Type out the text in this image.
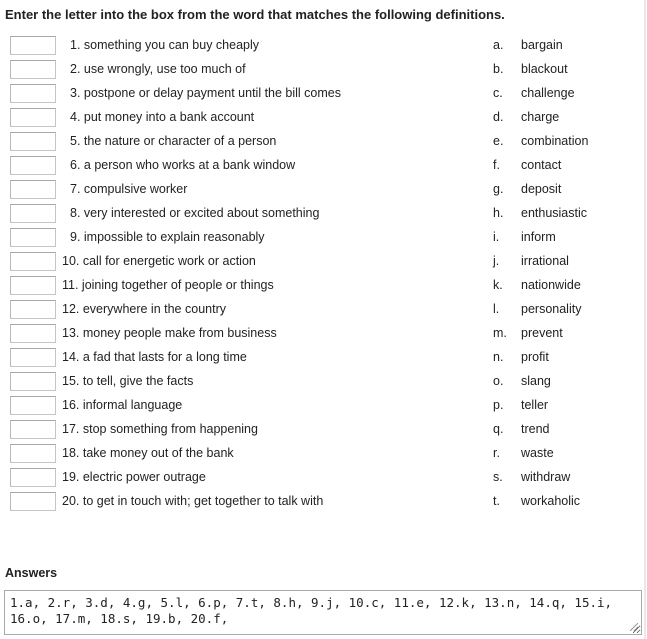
Enter the letter into the box from the word that matches the following definitions.
1. something you can buy cheaply	a.	bargain
2. use wrongly, use too much of	b.	blackout
3. postpone or delay payment until the bill comes	c.	challenge
4. put money into a bank account	d.	charge
5. the nature or character of a person	e.	combination
6. a person who works at a bank window	f.	contact
7. compulsive worker	g.	deposit
8. very interested or excited about something	h.	enthusiastic
9. impossible to explain reasonably	i.	inform
10. call for energetic work or action	j.	irrational
11. joining together of people or things	k.	nationwide
12. everywhere in the country	l.	personality
13. money people make from business	m.	prevent
14. a fad that lasts for a long time	n.	profit
15. to tell, give the facts	o.	slang
16. informal language	p.	teller
17. stop something from happening	q.	trend
18. take money out of the bank	r.	waste
19. electric power outrage	s.	withdraw
20. to get in touch with; get together to talk with	t.	workaholic
Answers
1.a, 2.r, 3.d, 4.g, 5.l, 6.p, 7.t, 8.h, 9.j, 10.c, 11.e, 12.k, 13.n, 14.q, 15.i, 16.o, 17.m, 18.s, 19.b, 20.f,
